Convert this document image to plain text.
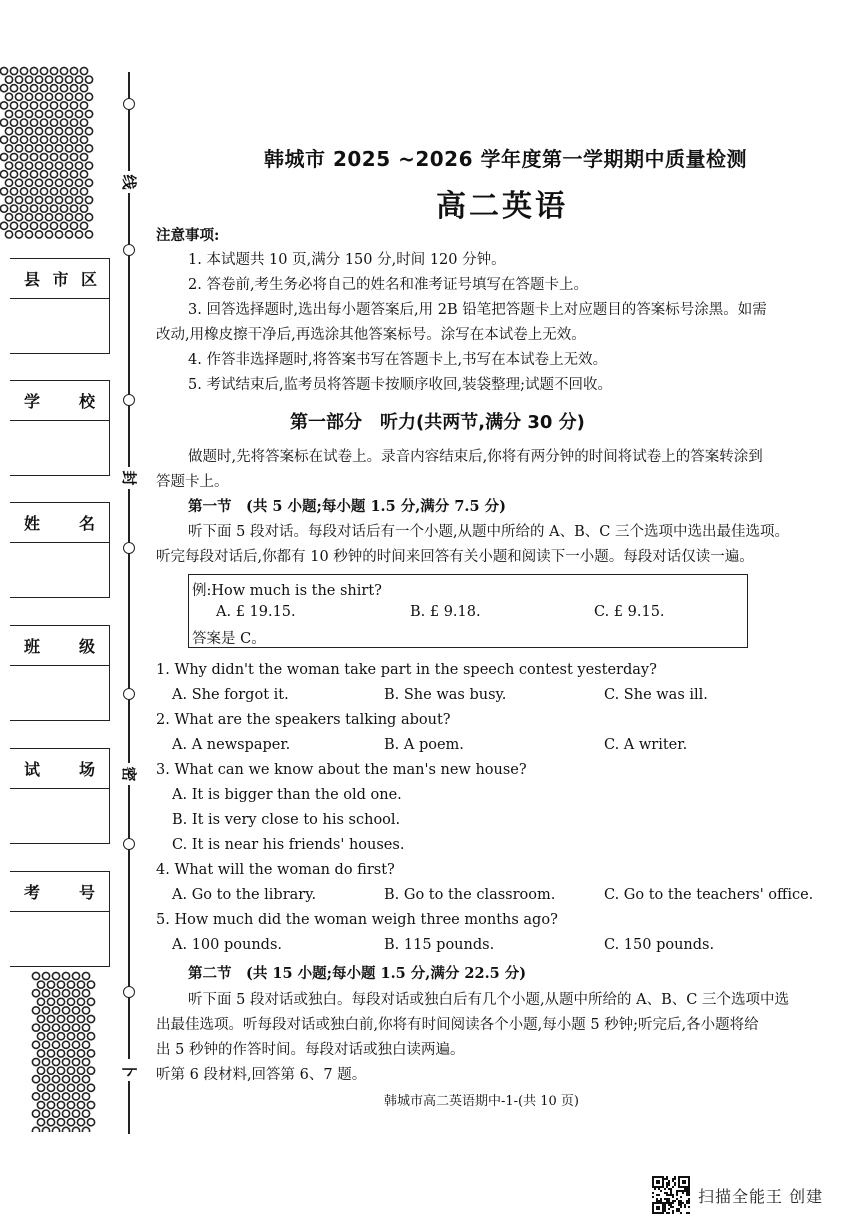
县 市 区
学 校
姓 名
班 级
试 场
考 号
线
封
密
卜
韩城市 2025 ~2026 学年度第一学期期中质量检测
高二英语
注意事项:
1. 本试题共 10 页,满分 150 分,时间 120 分钟。
2. 答卷前,考生务必将自己的姓名和准考证号填写在答题卡上。
3. 回答选择题时,选出每小题答案后,用 2B 铅笔把答题卡上对应题目的答案标号涂黑。如需
改动,用橡皮擦干净后,再选涂其他答案标号。涂写在本试卷上无效。
4. 作答非选择题时,将答案书写在答题卡上,书写在本试卷上无效。
5. 考试结束后,监考员将答题卡按顺序收回,装袋整理;试题不回收。
第一部分　听力(共两节,满分 30 分)
做题时,先将答案标在试卷上。录音内容结束后,你将有两分钟的时间将试卷上的答案转涂到
答题卡上。
第一节　(共 5 小题;每小题 1.5 分,满分 7.5 分)
听下面 5 段对话。每段对话后有一个小题,从题中所给的 A、B、C 三个选项中选出最佳选项。
听完每段对话后,你都有 10 秒钟的时间来回答有关小题和阅读下一小题。每段对话仅读一遍。
例:How much is the shirt?
A. £ 19.15.	B. £ 9.18.	C. £ 9.15.
答案是 C。
1. Why didn't the woman take part in the speech contest yesterday?
A. She forgot it.	B. She was busy.	C. She was ill.
2. What are the speakers talking about?
A. A newspaper.	B. A poem.	C. A writer.
3. What can we know about the man's new house?
A. It is bigger than the old one.
B. It is very close to his school.
C. It is near his friends' houses.
4. What will the woman do first?
A. Go to the library.	B. Go to the classroom.	C. Go to the teachers' office.
5. How much did the woman weigh three months ago?
A. 100 pounds.	B. 115 pounds.	C. 150 pounds.
第二节　(共 15 小题;每小题 1.5 分,满分 22.5 分)
听下面 5 段对话或独白。每段对话或独白后有几个小题,从题中所给的 A、B、C 三个选项中选
出最佳选项。听每段对话或独白前,你将有时间阅读各个小题,每小题 5 秒钟;听完后,各小题将给
出 5 秒钟的作答时间。每段对话或独白读两遍。
听第 6 段材料,回答第 6、7 题。
韩城市高二英语期中-1-(共 10 页)
扫描全能王 创建
